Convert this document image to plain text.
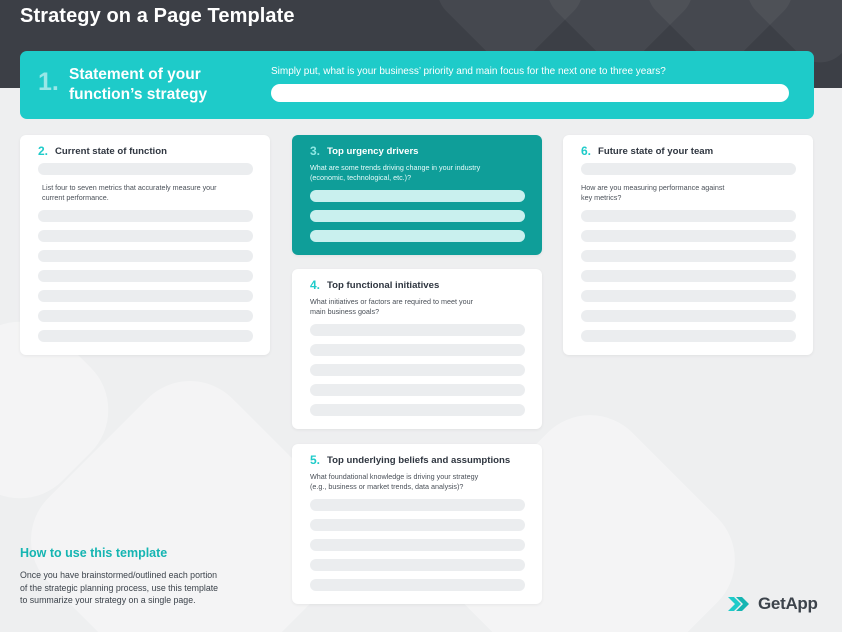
Strategy on a Page Template
1. Statement of your function’s strategy
Simply put, what is your business’ priority and main focus for the next one to three years?
2. Current state of function
List four to seven metrics that accurately measure your
current performance.
3. Top urgency drivers
What are some trends driving change in your industry
(economic, technological, etc.)?
4. Top functional initiatives
What initiatives or factors are required to meet your
main business goals?
5. Top underlying beliefs and assumptions
What foundational knowledge is driving your strategy
(e.g., business or market trends, data analysis)?
6. Future state of your team
How are you measuring performance against
key metrics?
How to use this template
Once you have brainstormed/outlined each portion
of the strategic planning process, use this template
to summarize your strategy on a single page.	GetApp
